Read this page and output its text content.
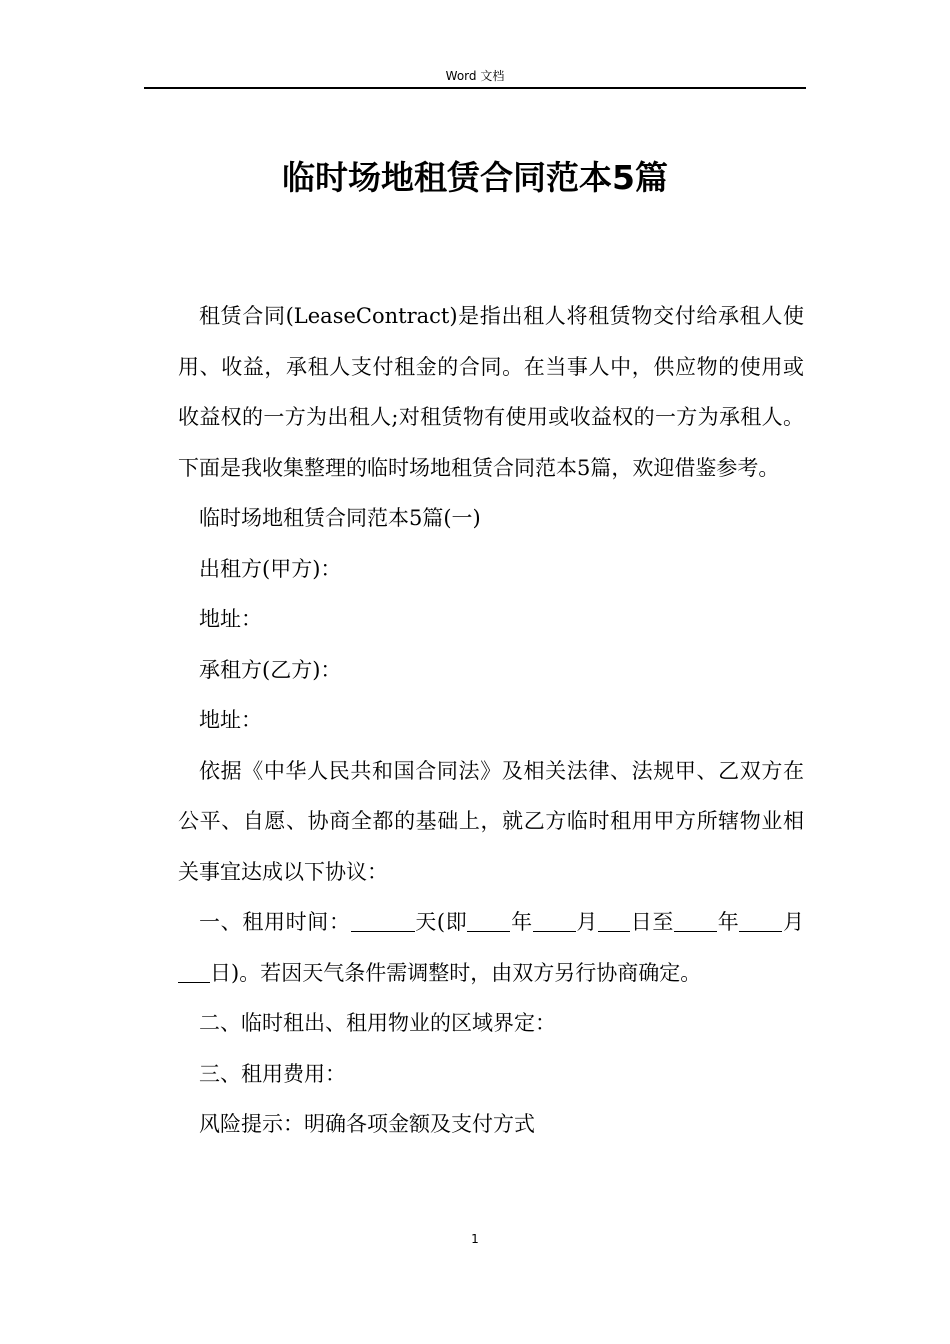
Word 文档
临时场地租赁合同范本5篇

租赁合同(LeaseContract)是指出租人将租赁物交付给承租人使用、收益，承租人支付租金的合同。在当事人中，供应物的使用或收益权的一方为出租人;对租赁物有使用或收益权的一方为承租人。下面是我收集整理的临时场地租赁合同范本5篇，欢迎借鉴参考。

临时场地租赁合同范本5篇(一)

出租方(甲方)：

地址：

承租方(乙方)：

地址：

依据《中华人民共和国合同法》及相关法律、法规甲、乙双方在公平、自愿、协商全都的基础上，就乙方临时租用甲方所辖物业相关事宜达成以下协议：

一、租用时间：	天(即 年 月 日至 年 月日)。若因天气条件需调整时，由双方另行协商确定。

二、临时租出、租用物业的区域界定：

三、租用费用：

风险提示：明确各项金额及支付方式

1
